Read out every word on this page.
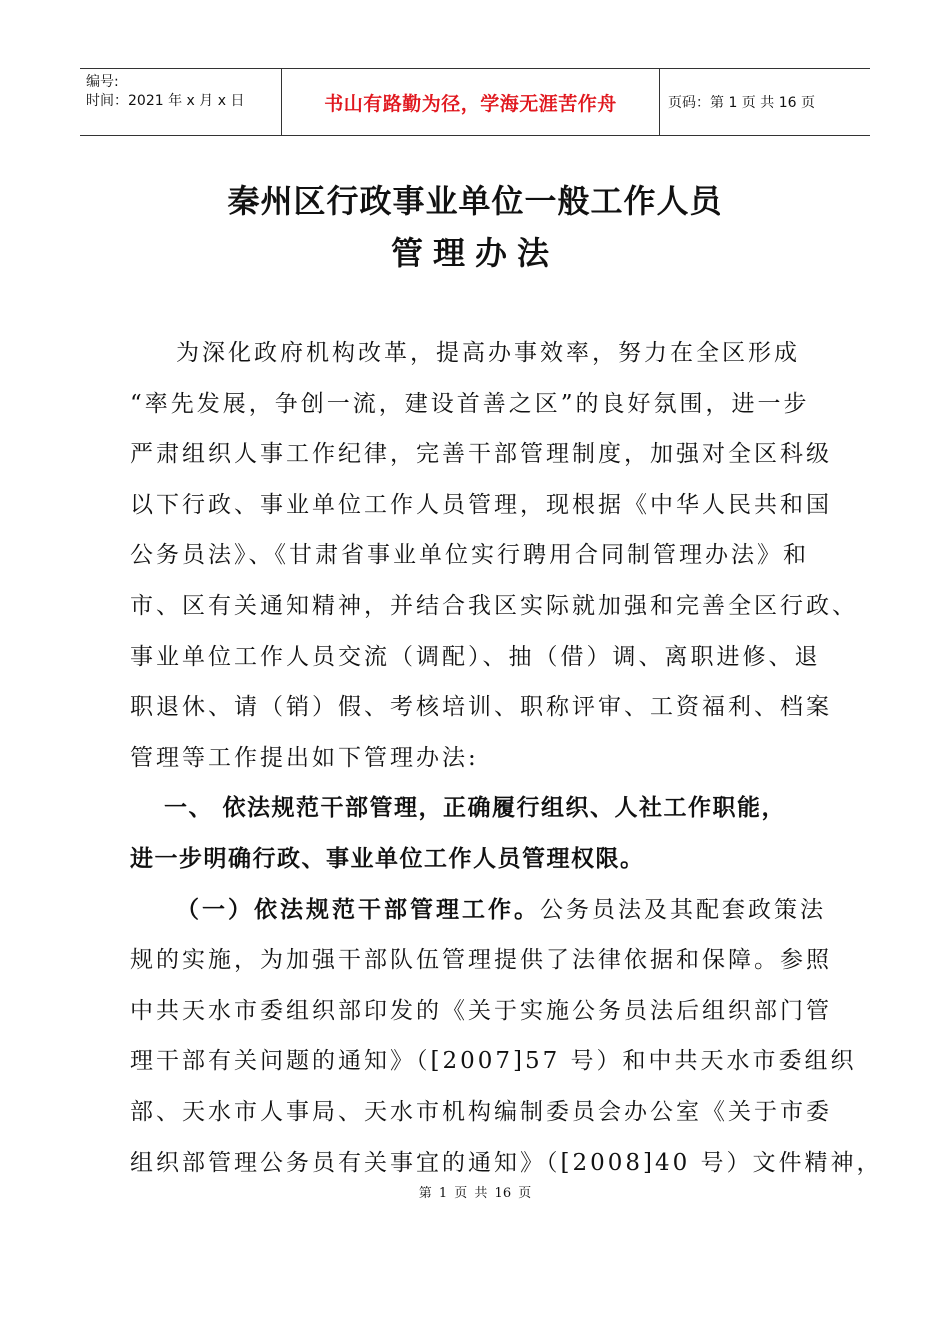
编号:
时间：2021 年 x 月 x 日	书山有路勤为径，学海无涯苦作舟	页码：第 1 页 共 16 页
秦州区行政事业单位一般工作人员
管理办法
为深化政府机构改革，提高办事效率，努力在全区形成
“率先发展，争创一流，建设首善之区”的良好氛围，进一步
严肃组织人事工作纪律，完善干部管理制度，加强对全区科级
以下行政、事业单位工作人员管理，现根据《中华人民共和国
公务员法》、《甘肃省事业单位实行聘用合同制管理办法》和
市、区有关通知精神，并结合我区实际就加强和完善全区行政、
事业单位工作人员交流（调配）、抽（借）调、离职进修、退
职退休、请（销）假、考核培训、职称评审、工资福利、档案
管理等工作提出如下管理办法:
一、 依法规范干部管理，正确履行组织、人社工作职能，
进一步明确行政、事业单位工作人员管理权限。
（一）依法规范干部管理工作。公务员法及其配套政策法
规的实施，为加强干部队伍管理提供了法律依据和保障。参照
中共天水市委组织部印发的《关于实施公务员法后组织部门管
理干部有关问题的通知》（[2007]57 号）和中共天水市委组织
部、天水市人事局、天水市机构编制委员会办公室《关于市委
组织部管理公务员有关事宜的通知》（[2008]40 号）文件精神，
第 1 页 共 16 页
